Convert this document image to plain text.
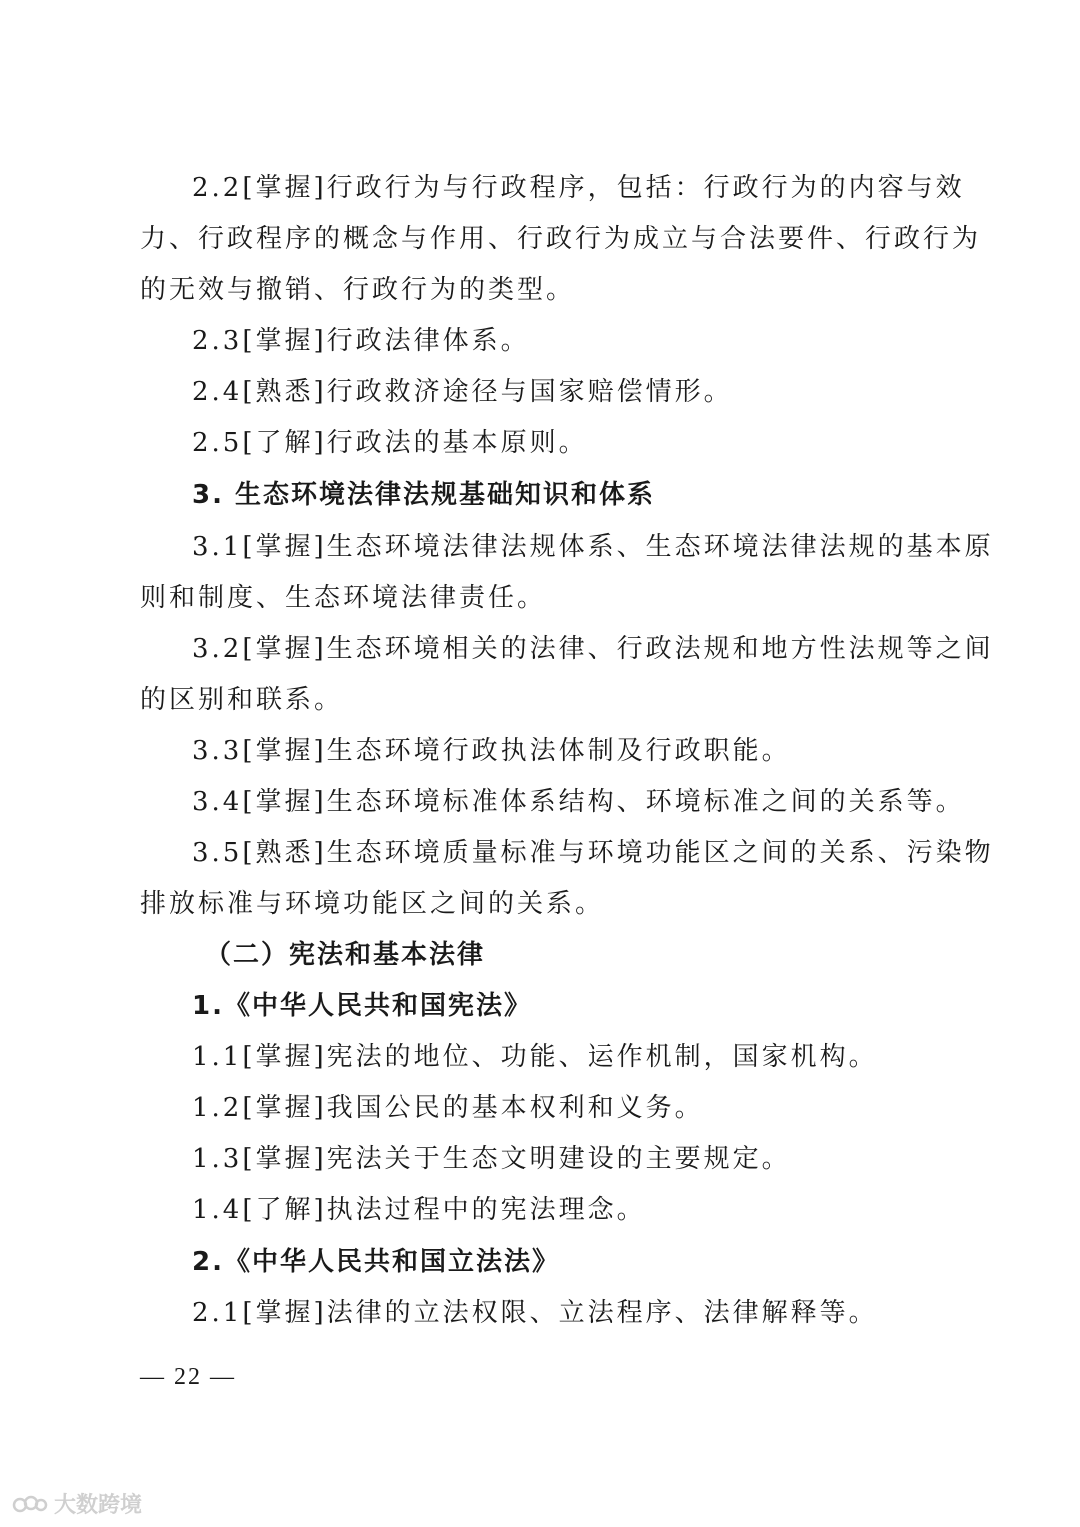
2.2[掌握]行政行为与行政程序，包括：行政行为的内容与效
力、行政程序的概念与作用、行政行为成立与合法要件、行政行为
的无效与撤销、行政行为的类型。
2.3[掌握]行政法律体系。
2.4[熟悉]行政救济途径与国家赔偿情形。
2.5[了解]行政法的基本原则。
3. 生态环境法律法规基础知识和体系
3.1[掌握]生态环境法律法规体系、生态环境法律法规的基本原
则和制度、生态环境法律责任。
3.2[掌握]生态环境相关的法律、行政法规和地方性法规等之间
的区别和联系。
3.3[掌握]生态环境行政执法体制及行政职能。
3.4[掌握]生态环境标准体系结构、环境标准之间的关系等。
3.5[熟悉]生态环境质量标准与环境功能区之间的关系、污染物
排放标准与环境功能区之间的关系。
（二）宪法和基本法律
1.《中华人民共和国宪法》
1.1[掌握]宪法的地位、功能、运作机制，国家机构。
1.2[掌握]我国公民的基本权利和义务。
1.3[掌握]宪法关于生态文明建设的主要规定。
1.4[了解]执法过程中的宪法理念。
2.《中华人民共和国立法法》
2.1[掌握]法律的立法权限、立法程序、法律解释等。
— 22 —
大数跨境
